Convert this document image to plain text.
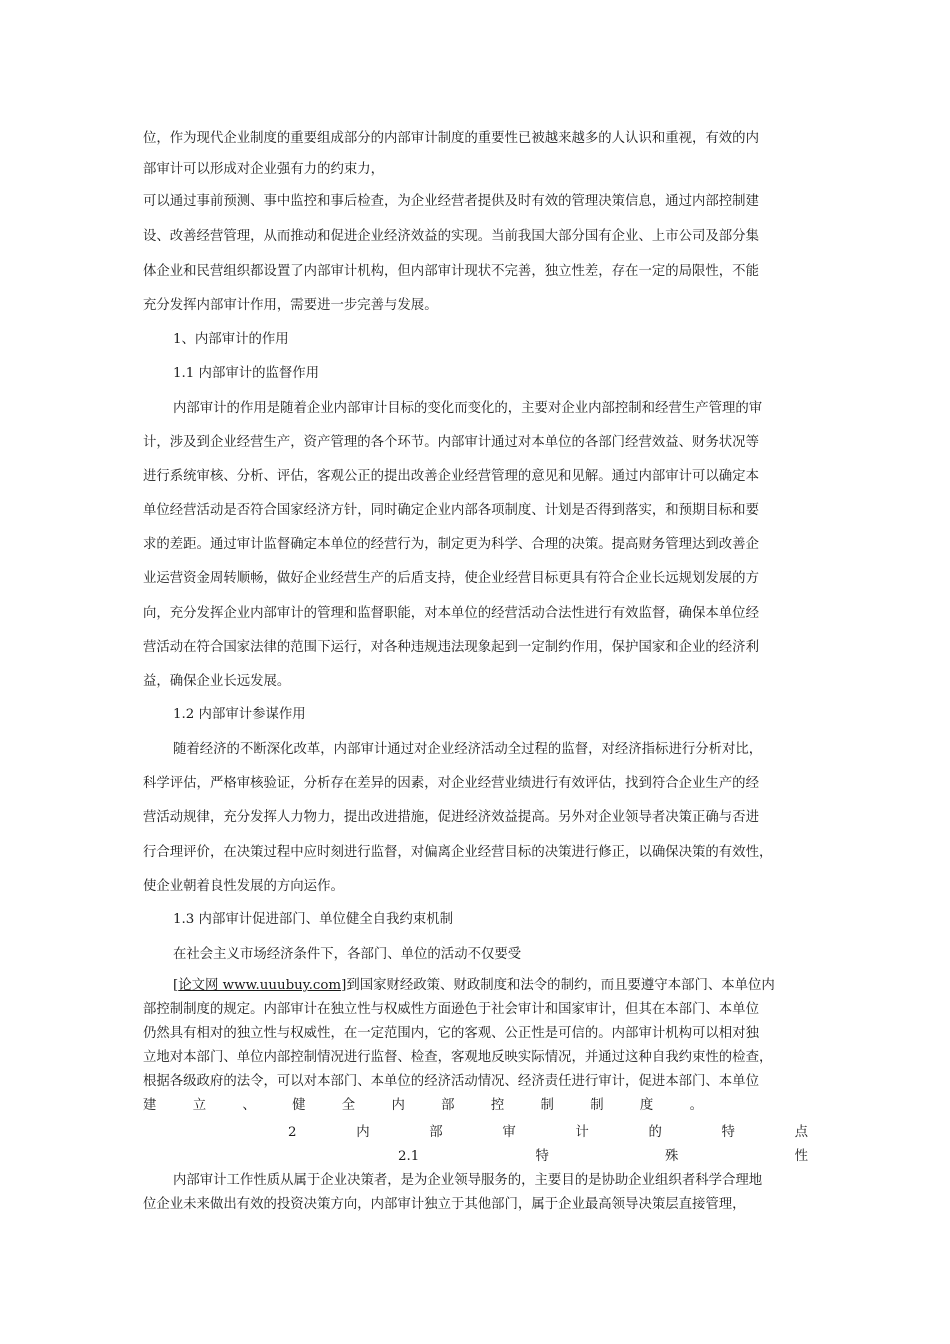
位，作为现代企业制度的重要组成部分的内部审计制度的重要性已被越来越多的人认识和重视，有效的内
部审计可以形成对企业强有力的约束力，
可以通过事前预测、事中监控和事后检查，为企业经营者提供及时有效的管理决策信息，通过内部控制建
设、改善经营管理，从而推动和促进企业经济效益的实现。当前我国大部分国有企业、上市公司及部分集
体企业和民营组织都设置了内部审计机构，但内部审计现状不完善，独立性差，存在一定的局限性，不能
充分发挥内部审计作用，需要进一步完善与发展。
1、内部审计的作用
1.1 内部审计的监督作用
内部审计的作用是随着企业内部审计目标的变化而变化的，主要对企业内部控制和经营生产管理的审
计，涉及到企业经营生产，资产管理的各个环节。内部审计通过对本单位的各部门经营效益、财务状况等
进行系统审核、分析、评估，客观公正的提出改善企业经营管理的意见和见解。通过内部审计可以确定本
单位经营活动是否符合国家经济方针，同时确定企业内部各项制度、计划是否得到落实，和预期目标和要
求的差距。通过审计监督确定本单位的经营行为，制定更为科学、合理的决策。提高财务管理达到改善企
业运营资金周转顺畅，做好企业经营生产的后盾支持，使企业经营目标更具有符合企业长远规划发展的方
向，充分发挥企业内部审计的管理和监督职能，对本单位的经营活动合法性进行有效监督，确保本单位经
营活动在符合国家法律的范围下运行，对各种违规违法现象起到一定制约作用，保护国家和企业的经济利
益，确保企业长远发展。
1.2 内部审计参谋作用
随着经济的不断深化改革，内部审计通过对企业经济活动全过程的监督，对经济指标进行分析对比，
科学评估，严格审核验证，分析存在差异的因素，对企业经营业绩进行有效评估，找到符合企业生产的经
营活动规律，充分发挥人力物力，提出改进措施，促进经济效益提高。另外对企业领导者决策正确与否进
行合理评价，在决策过程中应时刻进行监督，对偏离企业经营目标的决策进行修正，以确保决策的有效性，
使企业朝着良性发展的方向运作。
1.3 内部审计促进部门、单位健全自我约束机制
在社会主义市场经济条件下，各部门、单位的活动不仅要受
[论文网 www.uuubuy.com]到国家财经政策、财政制度和法令的制约，而且要遵守本部门、本单位内
部控制制度的规定。内部审计在独立性与权威性方面逊色于社会审计和国家审计，但其在本部门、本单位
仍然具有相对的独立性与权威性，在一定范围内，它的客观、公正性是可信的。内部审计机构可以相对独
立地对本部门、单位内部控制情况进行监督、检查，客观地反映实际情况，并通过这种自我约束性的检查，
根据各级政府的法令，可以对本部门、本单位的经济活动情况、经济责任进行审计，促进本部门、本单位
建立、健全内部控制制度。
2内部审计的特点
2.1特殊性
内部审计工作性质从属于企业决策者，是为企业领导服务的，主要目的是协助企业组织者科学合理地
位企业未来做出有效的投资决策方向，内部审计独立于其他部门，属于企业最高领导决策层直接管理，
